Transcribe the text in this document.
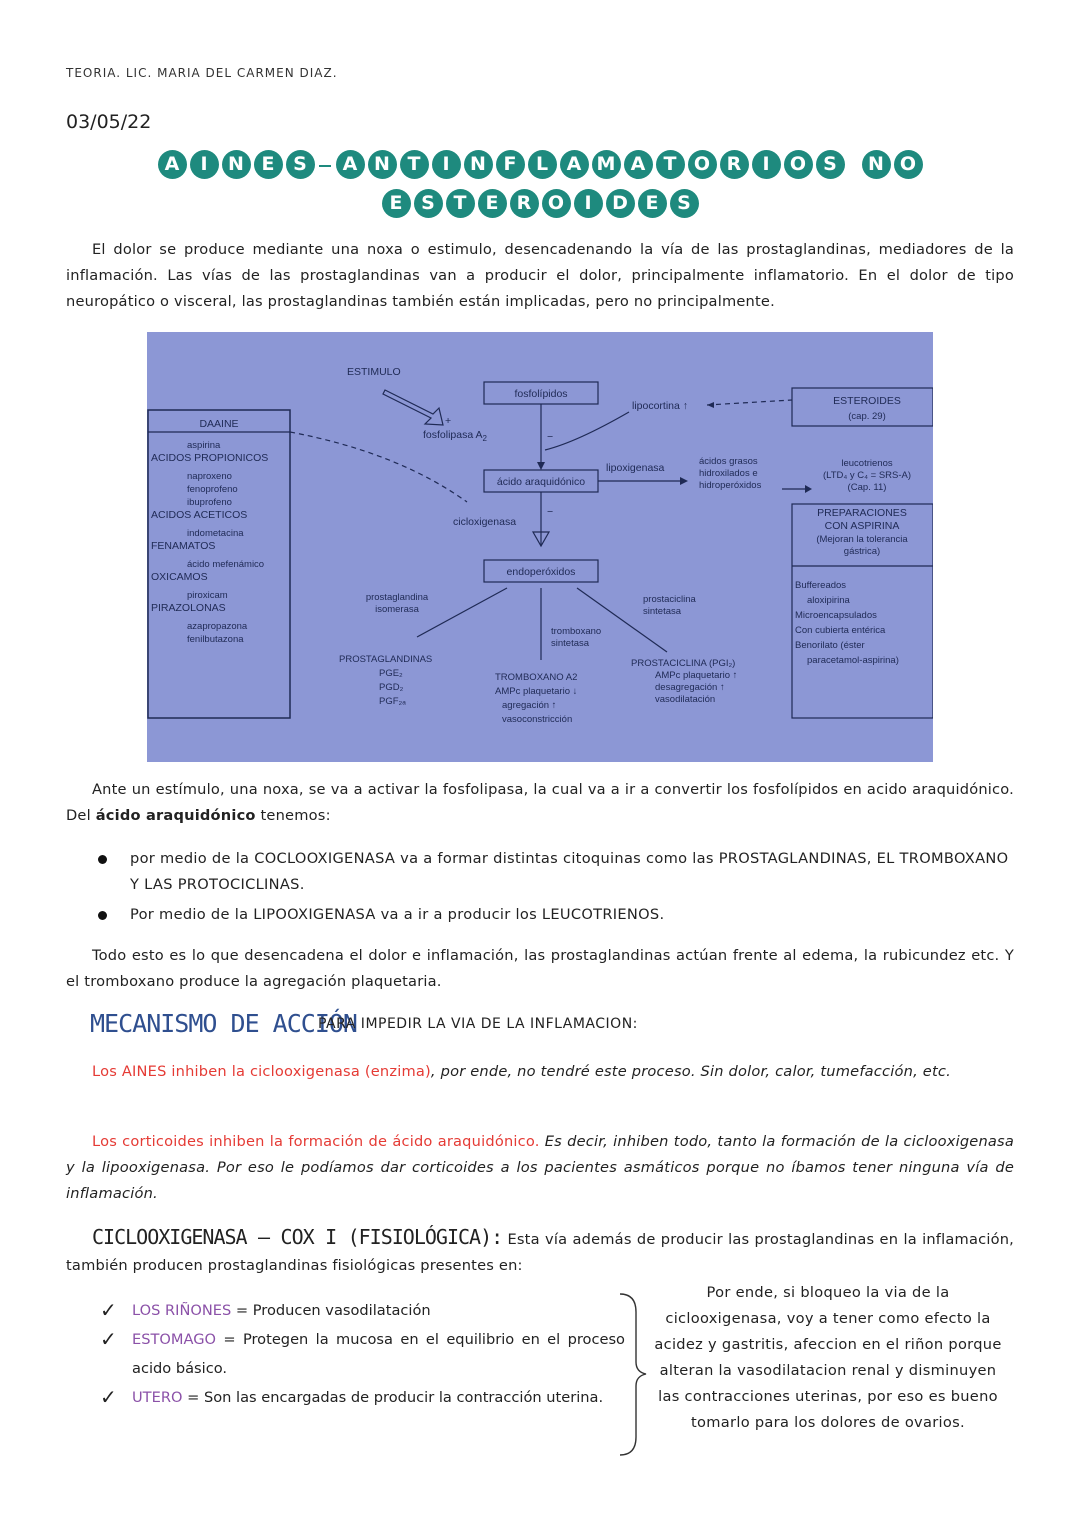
TEORIA. LIC. MARIA DEL CARMEN DIAZ.
03/05/22
A I N E S A N T I N F L A M A T O R I O S N O
E S T E R O I D E S

El dolor se produce mediante una noxa o estimulo, desencadenando la vía de las prostaglandinas, mediadores de la inflamación. Las vías de las prostaglandinas van a producir el dolor, principalmente inflamatorio. En el dolor de tipo neuropático o visceral, las prostaglandinas también están implicadas, pero no principalmente.

DAAINE
aspirina
ACIDOS PROPIONICOS
naproxeno
fenoprofeno
ibuprofeno
ACIDOS ACETICOS
indometacina
FENAMATOS
ácido mefenámico
OXICAMOS
piroxicam
PIRAZOLONAS
azapropazona
fenilbutazona
ESTIMULO
+
fosfolipasa $A_2$
fosfolípidos
−
lipocortina ↑	ESTEROIDES
(cap. 29)
ácido araquidónico
lipoxigenasa
ácidos grasos
hidroxilados e
hidroperóxidos
leucotrienos
(LTD₄ y C₄ = SRS-A)
(Cap. 11)
PREPARACIONES
CON ASPIRINA
(Mejoran la tolerancia
gástrica)
Buffereados
aloxipirina
Microencapsulados
Con cubierta entérica
Benorilato (éster
paracetamol-aspirina)
cicloxigenasa
−
endoperóxidos
prostaglandina
isomerasa
tromboxano
sintetasa
prostaciclina
sintetasa
PROSTAGLANDINAS
PGE₂
PGD₂
PGF₂ₐ
TROMBOXANO A2
AMPc plaquetario ↓
agregación ↑
vasoconstricción
PROSTACICLINA (PGI₂)
AMPc plaquetario ↑
desagregación ↑
vasodilatación

Ante un estímulo, una noxa, se va a activar la fosfolipasa, la cual va a ir a convertir los fosfolípidos en acido araquidónico. Del ácido araquidónico tenemos:

por medio de la COCLOOXIGENASA va a formar distintas citoquinas como las PROSTAGLANDINAS, EL TROMBOXANO Y LAS PROTOCICLINAS.
Por medio de la LIPOOXIGENASA va a ir a producir los LEUCOTRIENOS.

Todo esto es lo que desencadena el dolor e inflamación, las prostaglandinas actúan frente al edema, la rubicundez etc. Y el tromboxano produce la agregación plaquetaria.

MECANISMO DE ACCIÓN
PARA IMPEDIR LA VIA DE LA INFLAMACION:

Los AINES inhiben la ciclooxigenasa (enzima), por ende, no tendré este proceso. Sin dolor, calor, tumefacción, etc.

Los corticoides inhiben la formación de ácido araquidónico. Es decir, inhiben todo, tanto la formación de la ciclooxigenasa y la lipooxigenasa. Por eso le podíamos dar corticoides a los pacientes asmáticos porque no íbamos tener ninguna vía de inflamación.

CICLOOXIGENASA – COX I (FISIOLÓGICA): Esta vía además de producir las prostaglandinas en la inflamación, también producen prostaglandinas fisiológicas presentes en:

✓ LOS RIÑONES = Producen vasodilatación
✓ ESTOMAGO = Protegen la mucosa en el equilibrio en el proceso acido básico.
✓ UTERO = Son las encargadas de producir la contracción uterina.
Por ende, si bloqueo la via de la ciclooxigenasa, voy a tener como efecto la acidez y gastritis, afeccion en el riñon porque alteran la vasodilatacion renal y disminuyen las contracciones uterinas, por eso es bueno tomarlo para los dolores de ovarios.
